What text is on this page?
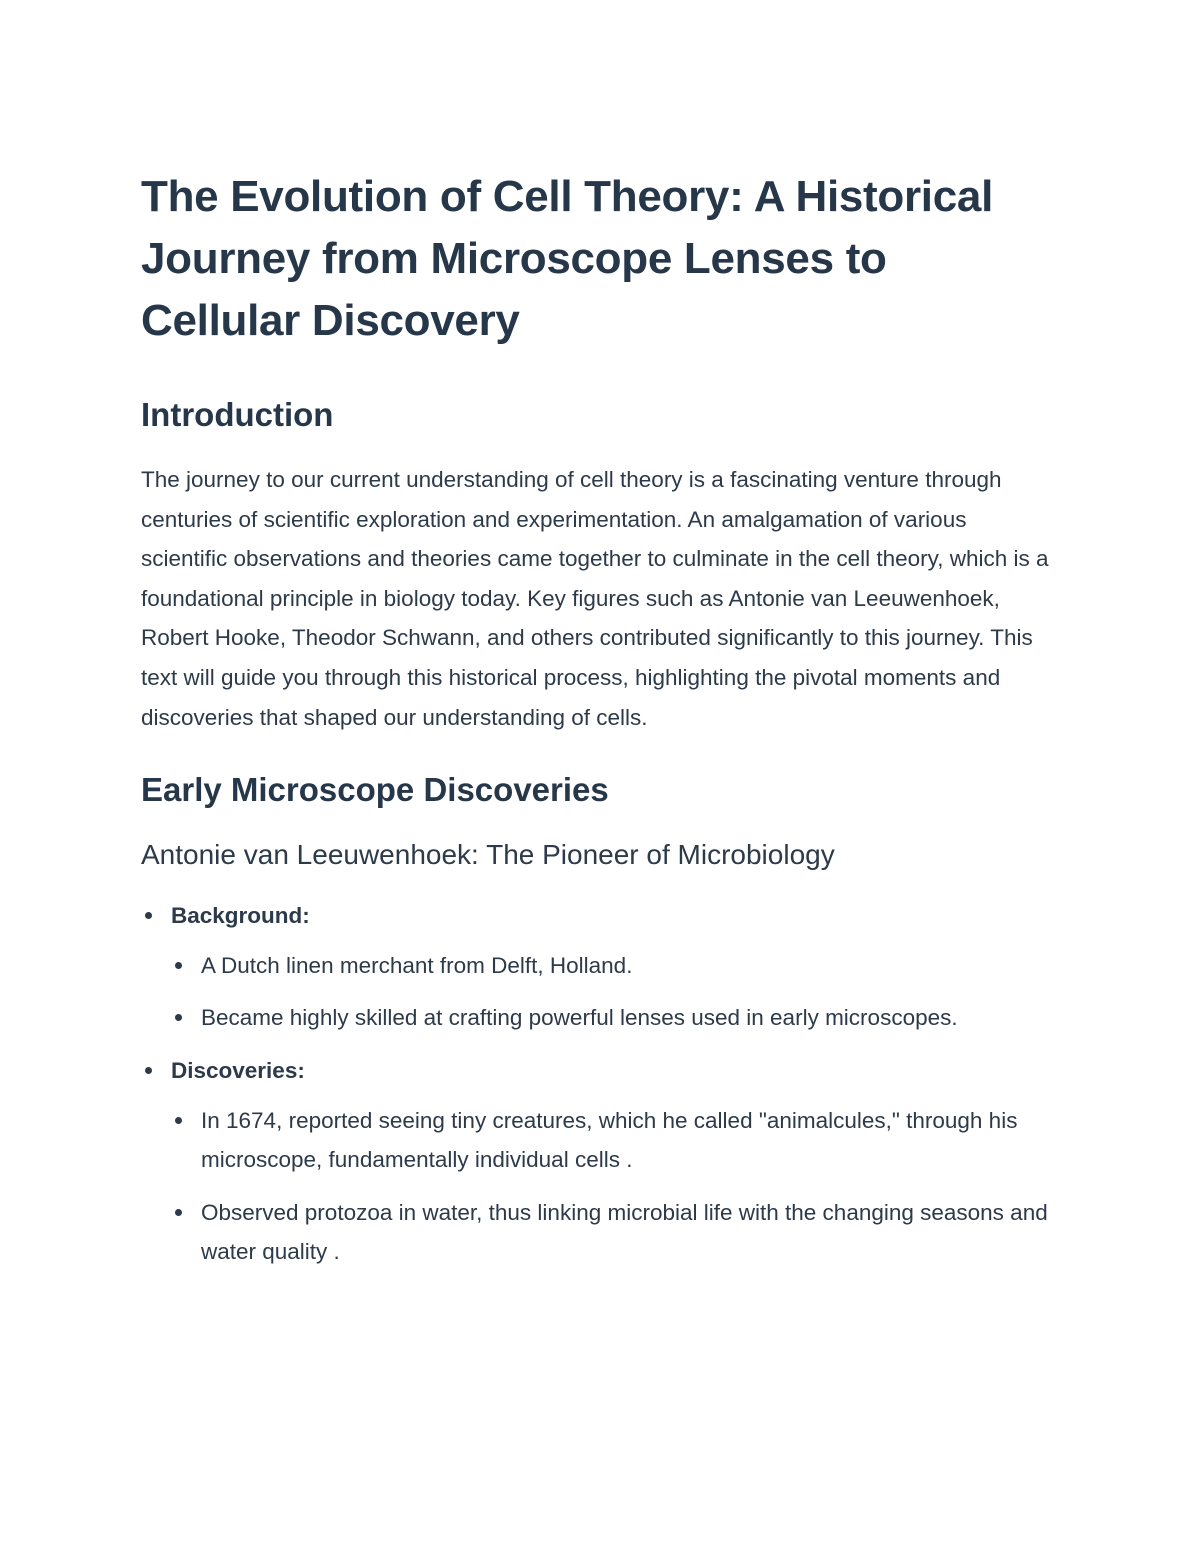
The Evolution of Cell Theory: A Historical Journey from Microscope Lenses to Cellular Discovery
Introduction

The journey to our current understanding of cell theory is a fascinating venture through centuries of scientific exploration and experimentation. An amalgamation of various scientific observations and theories came together to culminate in the cell theory, which is a foundational principle in biology today. Key figures such as Antonie van Leeuwenhoek, Robert Hooke, Theodor Schwann, and others contributed significantly to this journey. This text will guide you through this historical process, highlighting the pivotal moments and discoveries that shaped our understanding of cells.

Early Microscope Discoveries
Antonie van Leeuwenhoek: The Pioneer of Microbiology
Background:
A Dutch linen merchant from Delft, Holland.
Became highly skilled at crafting powerful lenses used in early microscopes.
Discoveries:
In 1674, reported seeing tiny creatures, which he called "animalcules," through his microscope, fundamentally individual cells .
Observed protozoa in water, thus linking microbial life with the changing seasons and water quality .
